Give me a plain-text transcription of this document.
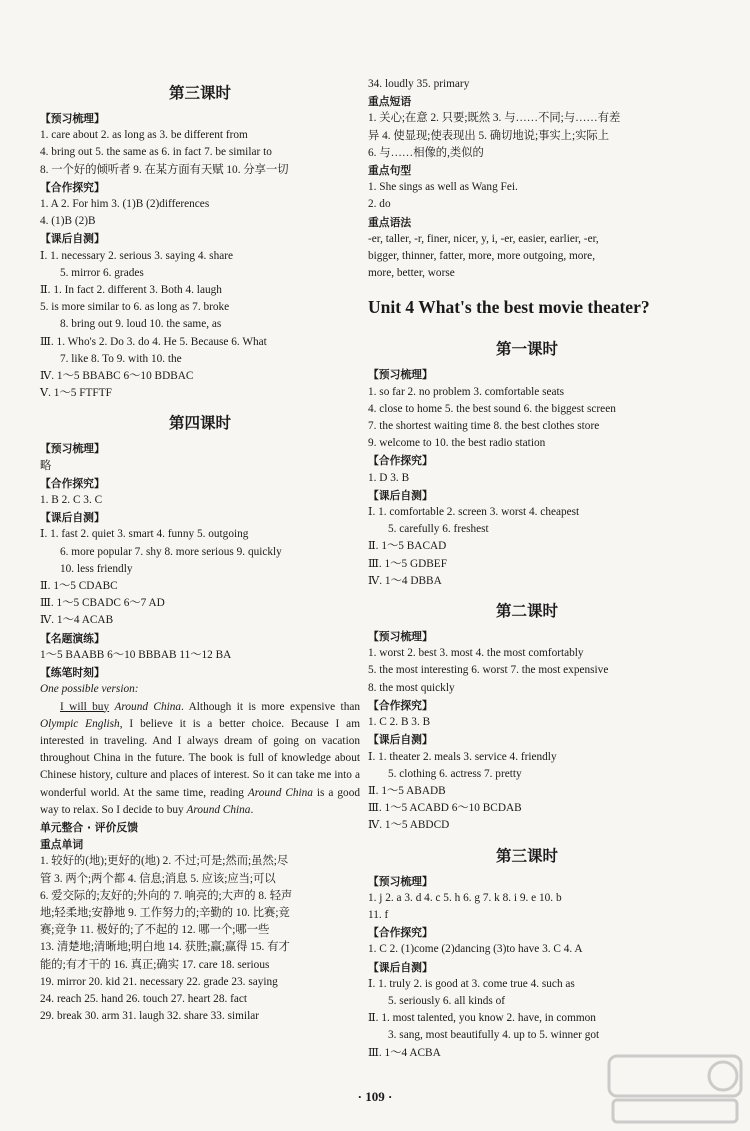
第三课时
【预习梳理】
1. care about 2. as long as 3. be different from
4. bring out 5. the same as 6. in fact 7. be similar to
8. 一个好的倾听者 9. 在某方面有天赋 10. 分享一切
【合作探究】
1. A 2. For him 3. (1)B (2)differences
4. (1)B (2)B
【课后自测】
Ⅰ. 1. necessary 2. serious 3. saying 4. share
5. mirror 6. grades
Ⅱ. 1. In fact 2. different 3. Both 4. laugh
5. is more similar to 6. as long as 7. broke
8. bring out 9. loud 10. the same, as
Ⅲ. 1. Who's 2. Do 3. do 4. He 5. Because 6. What
7. like 8. To 9. with 10. the
Ⅳ. 1～5 BBABC 6～10 BDBAC
Ⅴ. 1～5 FTFTF
第四课时
【预习梳理】
略
【合作探究】
1. B 2. C 3. C
【课后自测】
Ⅰ. 1. fast 2. quiet 3. smart 4. funny 5. outgoing
6. more popular 7. shy 8. more serious 9. quickly
10. less friendly
Ⅱ. 1～5 CDABC
Ⅲ. 1～5 CBADC 6～7 AD
Ⅳ. 1～4 ACAB
【名题演练】
1～5 BAABB 6～10 BBBAB 11～12 BA
【练笔时刻】
One possible version:
I will buy Around China. Although it is more expensive than Olympic English, I believe it is a better choice. Because I am interested in traveling. And I always dream of going on vacation throughout China in the future. The book is full of knowledge about Chinese history, culture and places of interest. So it can take me into a wonderful world. At the same time, reading Around China is a good way to relax. So I decide to buy Around China.
单元整合 · 评价反馈
重点单词
1. 较好的(地);更好的(地) 2. 不过;可是;然而;虽然;尽
管 3. 两个;两个都 4. 信息;消息 5. 应该;应当;可以
6. 爱交际的;友好的;外向的 7. 响亮的;大声的 8. 轻声
地;轻柔地;安静地 9. 工作努力的;辛勤的 10. 比赛;竞
赛;竞争 11. 极好的;了不起的 12. 哪一个;哪一些
13. 清楚地;清晰地;明白地 14. 获胜;赢;赢得 15. 有才
能的;有才干的 16. 真正;确实 17. care 18. serious
19. mirror 20. kid 21. necessary 22. grade 23. saying
24. reach 25. hand 26. touch 27. heart 28. fact
29. break 30. arm 31. laugh 32. share 33. similar
34. loudly 35. primary
重点短语
1. 关心;在意 2. 只要;既然 3. 与……不同;与……有差
异 4. 使显现;使表现出 5. 确切地说;事实上;实际上
6. 与……相像的,类似的
重点句型
1. She sings as well as Wang Fei.
2. do
重点语法
-er, taller, -r, finer, nicer, y, i, -er, easier, earlier, -er,
bigger, thinner, fatter, more, more outgoing, more,
more, better, worse
Unit 4 What's the best movie theater?
第一课时
【预习梳理】
1. so far 2. no problem 3. comfortable seats
4. close to home 5. the best sound 6. the biggest screen
7. the shortest waiting time 8. the best clothes store
9. welcome to 10. the best radio station
【合作探究】
1. D 3. B
【课后自测】
Ⅰ. 1. comfortable 2. screen 3. worst 4. cheapest
5. carefully 6. freshest
Ⅱ. 1～5 BACAD
Ⅲ. 1～5 GDBEF
Ⅳ. 1～4 DBBA
第二课时
【预习梳理】
1. worst 2. best 3. most 4. the most comfortably
5. the most interesting 6. worst 7. the most expensive
8. the most quickly
【合作探究】
1. C 2. B 3. B
【课后自测】
Ⅰ. 1. theater 2. meals 3. service 4. friendly
5. clothing 6. actress 7. pretty
Ⅱ. 1～5 ABADB
Ⅲ. 1～5 ACABD 6～10 BCDAB
Ⅳ. 1～5 ABDCD
第三课时
【预习梳理】
1. j 2. a 3. d 4. c 5. h 6. g 7. k 8. i 9. e 10. b
11. f
【合作探究】
1. C 2. (1)come (2)dancing (3)to have 3. C 4. A
【课后自测】
Ⅰ. 1. truly 2. is good at 3. come true 4. such as
5. seriously 6. all kinds of
Ⅱ. 1. most talented, you know 2. have, in common
3. sang, most beautifully 4. up to 5. winner got
Ⅲ. 1～4 ACBA
· 109 ·
